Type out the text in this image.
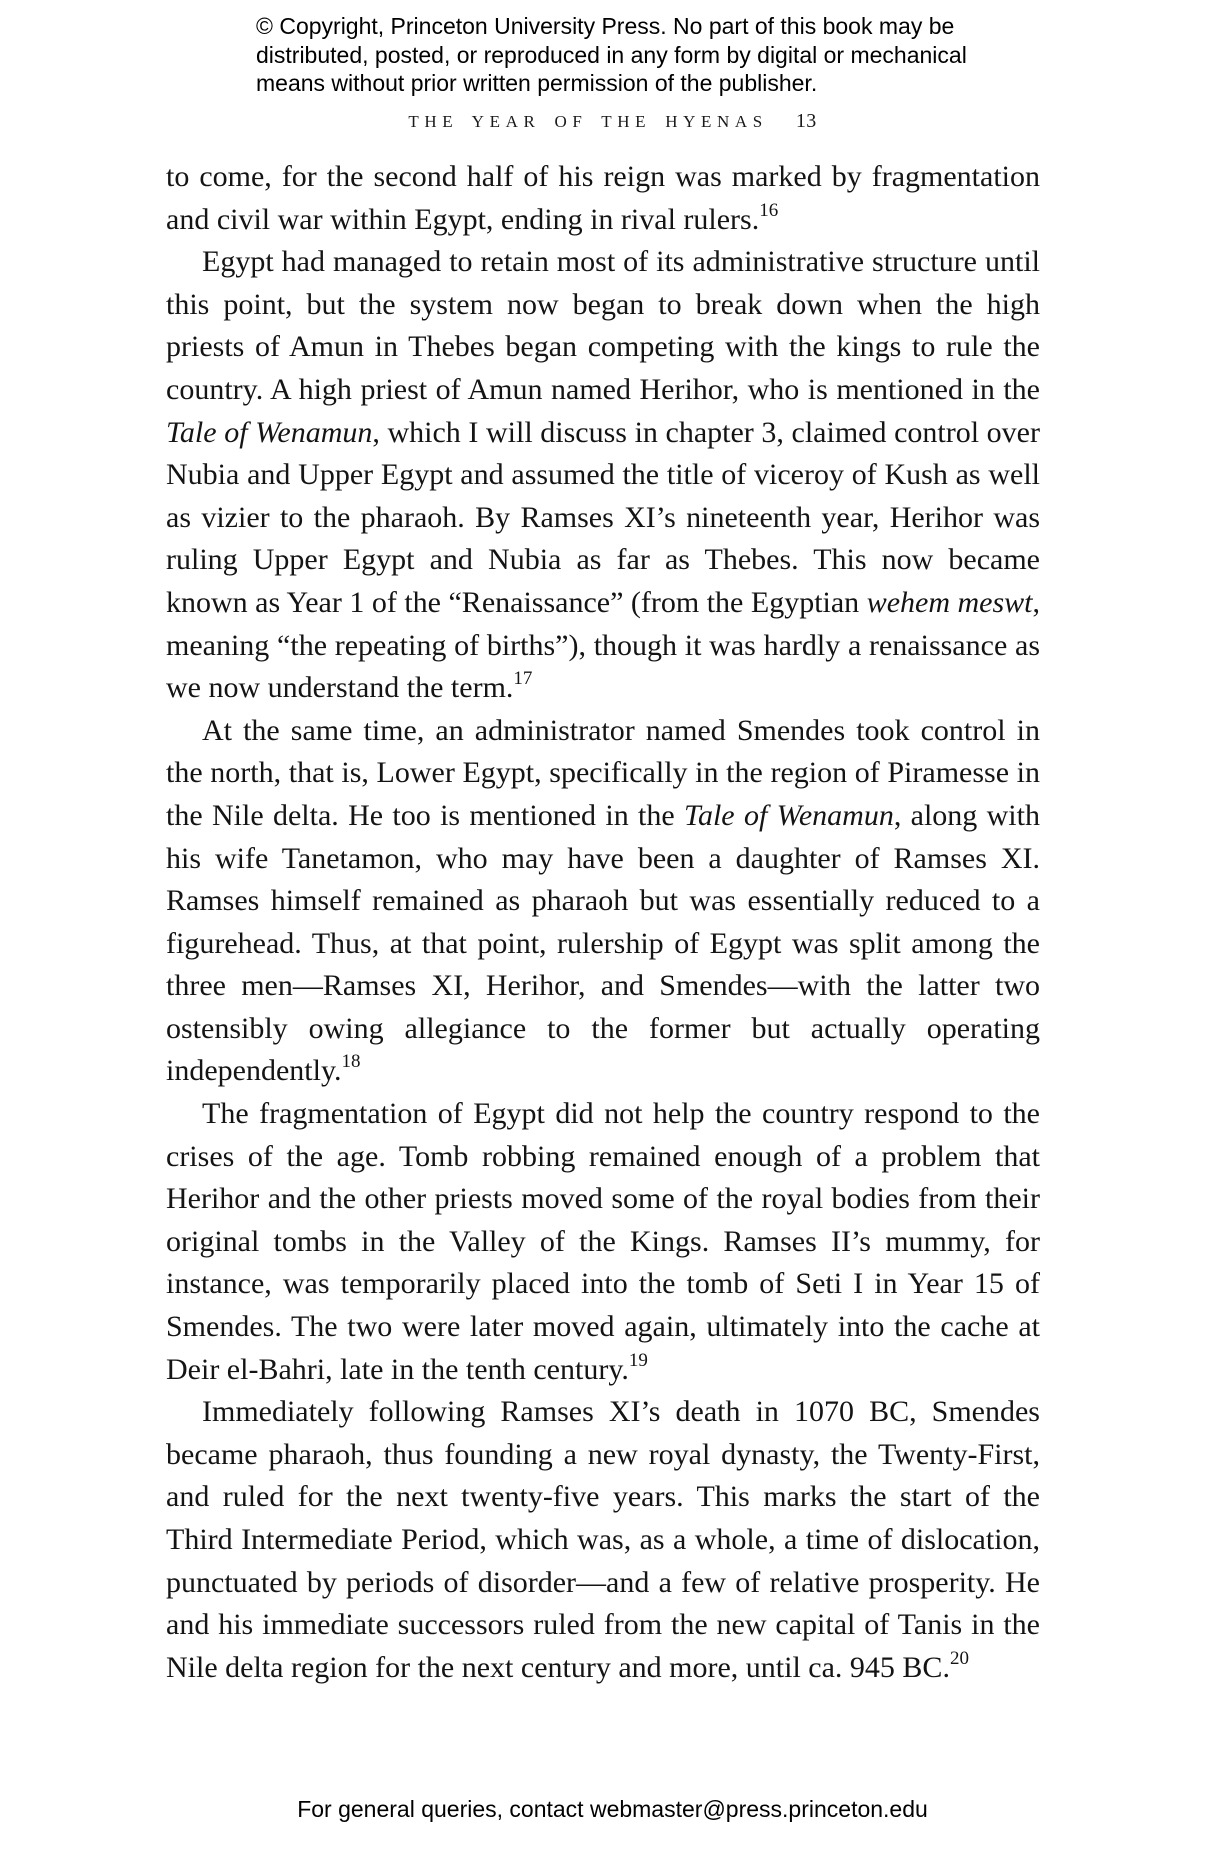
© Copyright, Princeton University Press. No part of this book may be
distributed, posted, or reproduced in any form by digital or mechanical
means without prior written permission of the publisher.
THE YEAR OF THE HYENAS 13

to come, for the second half of his reign was marked by fragmentation and civil war within Egypt, ending in rival rulers.$^{16}$

Egypt had managed to retain most of its administrative structure until this point, but the system now began to break down when the high priests of Amun in Thebes began competing with the kings to rule the country. A high priest of Amun named Herihor, who is mentioned in the Tale of Wenamun, which I will discuss in chapter 3, claimed control over Nubia and Upper Egypt and assumed the title of viceroy of Kush as well as vizier to the pharaoh. By Ramses XI’s nineteenth year, Herihor was ruling Upper Egypt and Nubia as far as Thebes. This now became known as Year 1 of the “Renaissance” (from the Egyptian wehem meswt, meaning “the repeating of births”), though it was hardly a renaissance as we now understand the term.$^{17}$

At the same time, an administrator named Smendes took control in the north, that is, Lower Egypt, specifically in the region of Piramesse in the Nile delta. He too is mentioned in the Tale of Wenamun, along with his wife Tanetamon, who may have been a daughter of Ramses XI. Ramses himself remained as pharaoh but was essentially reduced to a figurehead. Thus, at that point, rulership of Egypt was split among the three men—Ramses XI, Herihor, and Smendes—with the latter two ostensibly owing allegiance to the former but actually operating independently.$^{18}$

The fragmentation of Egypt did not help the country respond to the crises of the age. Tomb robbing remained enough of a problem that Herihor and the other priests moved some of the royal bodies from their original tombs in the Valley of the Kings. Ramses II’s mummy, for instance, was temporarily placed into the tomb of Seti I in Year 15 of Smendes. The two were later moved again, ultimately into the cache at Deir el-Bahri, late in the tenth century.$^{19}$

Immediately following Ramses XI’s death in 1070 BC, Smendes became pharaoh, thus founding a new royal dynasty, the Twenty-First, and ruled for the next twenty-five years. This marks the start of the Third Intermediate Period, which was, as a whole, a time of dislocation, punctuated by periods of disorder—and a few of relative prosperity. He and his immediate successors ruled from the new capital of Tanis in the Nile delta region for the next century and more, until ca. 945 BC.$^{20}$

For general queries, contact webmaster@press.princeton.edu
